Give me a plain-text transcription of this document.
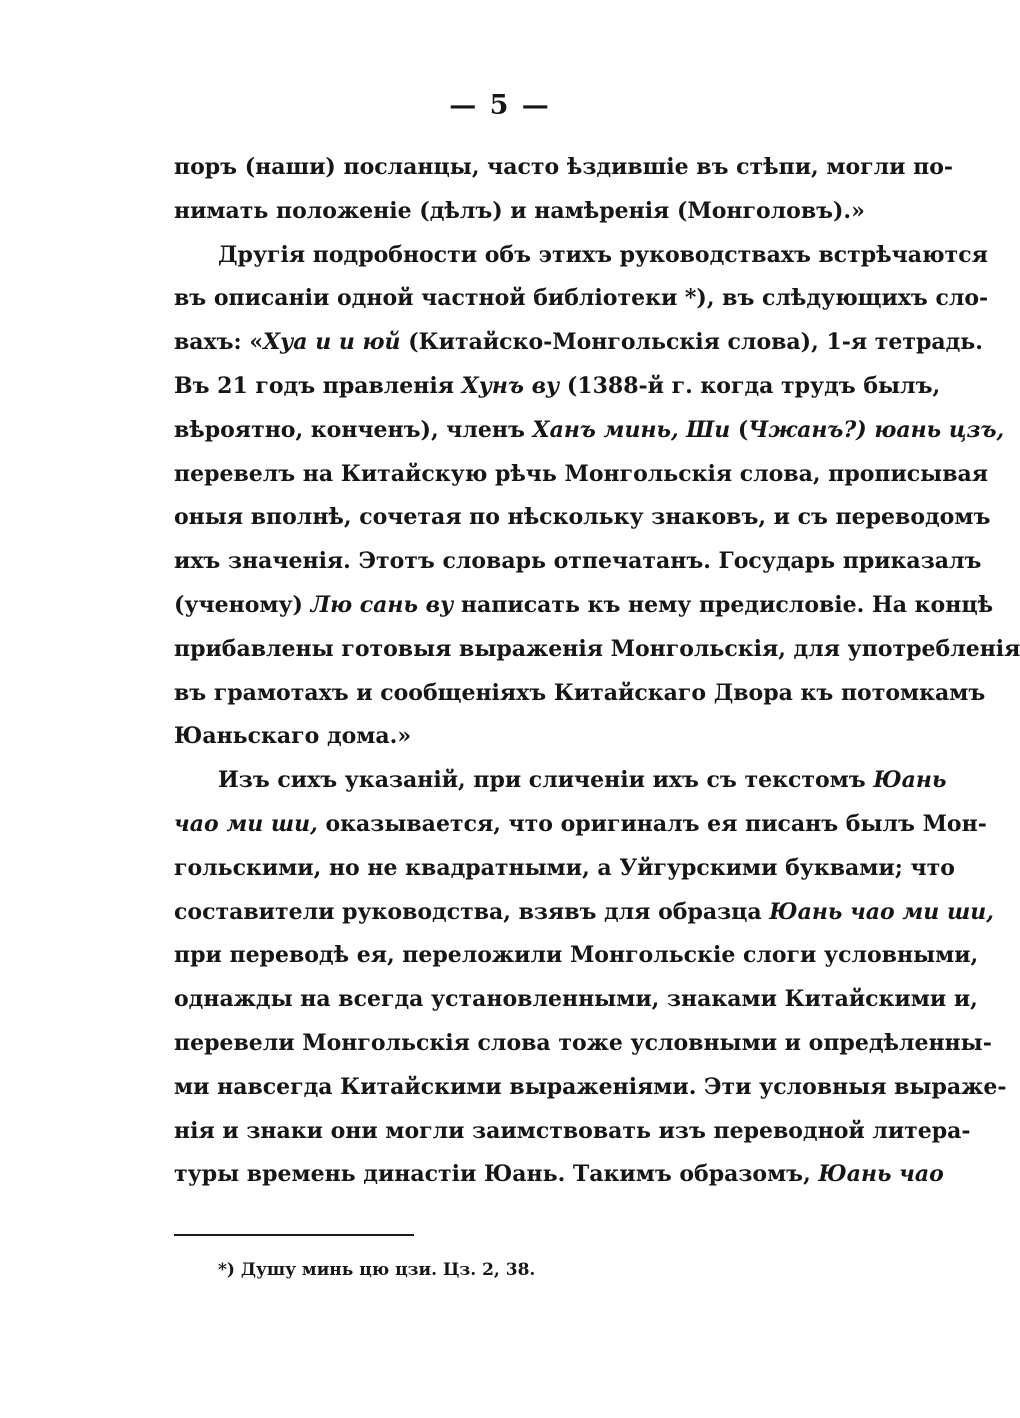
— 5 —
поръ (наши) посланцы, часто ѣздившіе въ стѣпи, могли по-
нимать положеніе (дѣлъ) и намѣренія (Монголовъ).»
Другія подробности объ этихъ руководствахъ встрѣчаются
въ описаніи одной частной библіотеки *), въ слѣдующихъ сло-
вахъ: «Хуа и и юй (Китайско-Монгольскія слова), 1-я тетрадь.
Въ 21 годъ правленія Хунъ ву (1388-й г. когда трудъ былъ,
вѣроятно, конченъ), членъ Ханъ минь, Ши (Чжанъ?) юань цзъ,
перевелъ на Китайскую рѣчь Монгольскія слова, прописывая
оныя вполнѣ, сочетая по нѣскольку знаковъ, и съ переводомъ
ихъ значенія. Этотъ словарь отпечатанъ. Государь приказалъ
(ученому) Лю сань ву написать къ нему предисловіе. На концѣ
прибавлены готовыя выраженія Монгольскія, для употребленія
въ грамотахъ и сообщеніяхъ Китайскаго Двора къ потомкамъ
Юаньскаго дома.»
Изъ сихъ указаній, при сличеніи ихъ съ текстомъ Юань
чао ми ши, оказывается, что оригиналъ ея писанъ былъ Мон-
гольскими, но не квадратными, а Уйгурскими буквами; что
составители руководства, взявъ для образца Юань чао ми ши,
при переводѣ ея, переложили Монгольскіе слоги условными,
однажды на всегда установленными, знаками Китайскими и,
перевели Монгольскія слова тоже условными и опредѣленны-
ми навсегда Китайскими выраженіями. Эти условныя выраже-
нія и знаки они могли заимствовать изъ переводной литера-
туры времень династіи Юань. Такимъ образомъ, Юань чао
*) Душу минь цю цзи. Цз. 2, 38.
